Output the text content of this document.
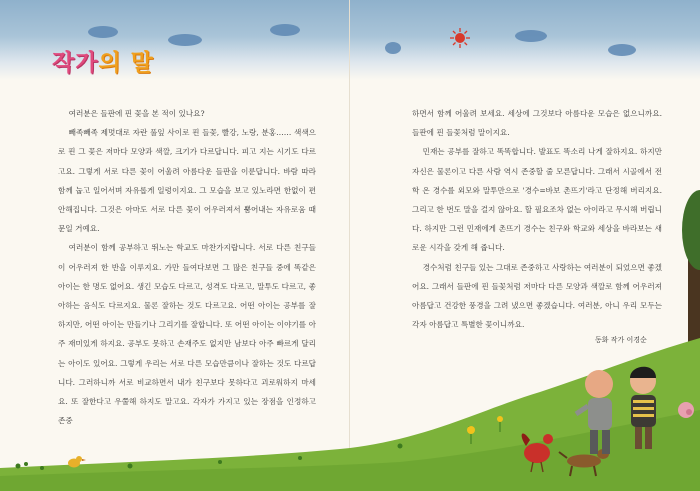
작가의 말

여러분은 들판에 핀 꽃을 본 적이 있나요?

빼족빼족 제멋대로 자란 풀잎 사이로 핀 들꽃, 빨강, 노랑, 분홍…… 색색으로 핀 그 꽃은 저마다 모양과 색깔, 크기가 다르답니다. 피고 지는 시기도 다르고요. 그렇게 서로 다른 꽃이 어울려 아름다운 들판을 이룬답니다. 바람 따라 함께 눕고 일어서며 자유롭게 일렁이지요. 그 모습을 보고 있노라면 한없이 편안해집니다. 그것은 아마도 서로 다른 꽃이 어우러져서 뿜어내는 자유로움 때문일 거예요.

여러분이 함께 공부하고 뛰노는 학교도 마찬가지랍니다. 서로 다른 친구들이 어우러져 한 반을 이루지요. 가만 들여다보면 그 많은 친구들 중에 똑같은 아이는 한 명도 없어요. 생긴 모습도 다르고, 성격도 다르고, 말투도 다르고, 좋아하는 음식도 다르지요. 물론 잘하는 것도 다르고요. 어떤 아이는 공부를 잘 하지만, 어떤 아이는 만들기나 그리기를 잘합니다. 또 어떤 아이는 이야기를 아주 재미있게 하지요. 공부도 못하고 손재주도 없지만 남보다 아주 빠르게 달리는 아이도 있어요. 그렇게 우리는 서로 다른 모습만큼이나 잘하는 것도 다르답니다. 그러하니까 서로 비교하면서 내가 친구보다 못하다고 괴로워하지 마세요. 또 잘한다고 우쭐해 하지도 말고요. 각자가 가지고 있는 장점을 인정하고 존중

하면서 함께 어울려 보세요. 세상에 그것보다 아름다운 모습은 없으니까요. 들판에 핀 들꽃처럼 말이지요.

민재는 공부를 잘하고 똑똑합니다. 발표도 똑소리 나게 잘하지요. 하지만 자신은 물론이고 다른 사람 역시 존중할 줄 모른답니다. 그래서 시골에서 전학 온 경수를 외모와 말투만으로 '경수=바보 촌뜨기'라고 단정해 버리지요. 그리고 한 번도 말을 걸지 않아요. 할 필요조차 없는 아이라고 무시해 버립니다. 하지만 그런 민재에게 촌뜨기 경수는 친구와 학교와 세상을 바라보는 새로운 시각을 갖게 해 줍니다.

경수처럼 친구들 있는 그대로 존중하고 사랑하는 여러분이 되었으면 좋겠어요. 그래서 들판에 핀 들꽃처럼 저마다 다른 모양과 색깔로 함께 어우러져 아름답고 건강한 풍경을 그려 냈으면 좋겠습니다. 여러분, 아니 우리 모두는 각자 아름답고 특별한 꽃이니까요.

동화 작가 이경순
